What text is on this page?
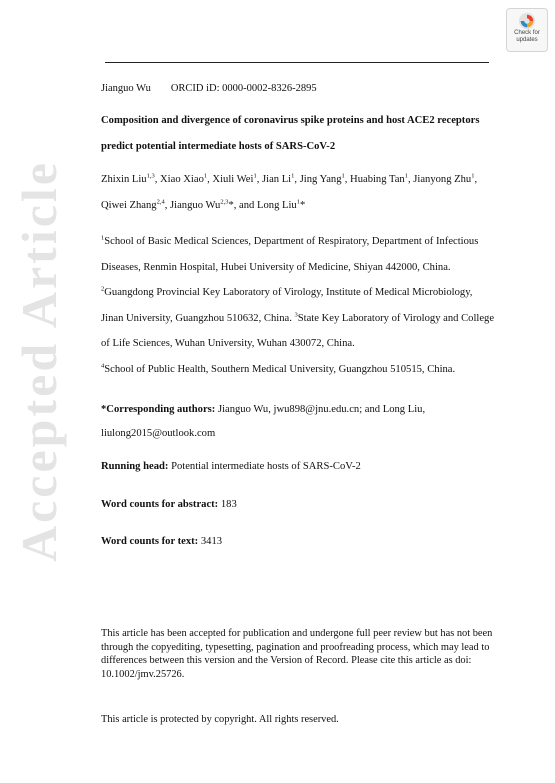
Accepted Article
Check for
updates
Jianguo Wu ORCID iD: 0000-0002-8326-2895
Composition and divergence of coronavirus spike proteins and host ACE2 receptors predict potential intermediate hosts of SARS-CoV-2
Zhixin Liu$^{1,3}$, Xiao Xiao$^1$, Xiuli Wei$^1$, Jian Li$^1$, Jing Yang$^1$, Huabing Tan$^1$, Jianyong Zhu$^1$, Qiwei Zhang$^{2,4}$, Jianguo Wu$^{2,3}$*, and Long Liu$^1$*
$^1$School of Basic Medical Sciences, Department of Respiratory, Department of Infectious Diseases, Renmin Hospital, Hubei University of Medicine, Shiyan 442000, China. $^2$Guangdong Provincial Key Laboratory of Virology, Institute of Medical Microbiology, Jinan University, Guangzhou 510632, China. $^3$State Key Laboratory of Virology and College of Life Sciences, Wuhan University, Wuhan 430072, China.
$^4$School of Public Health, Southern Medical University, Guangzhou 510515, China.
*Corresponding authors: Jianguo Wu, jwu898@jnu.edu.cn; and Long Liu, liulong2015@outlook.com
Running head: Potential intermediate hosts of SARS-CoV-2
Word counts for abstract: 183
Word counts for text: 3413
This article has been accepted for publication and undergone full peer review but has not been through the copyediting, typesetting, pagination and proofreading process, which may lead to differences between this version and the Version of Record. Please cite this article as doi: 10.1002/jmv.25726.
This article is protected by copyright. All rights reserved.
